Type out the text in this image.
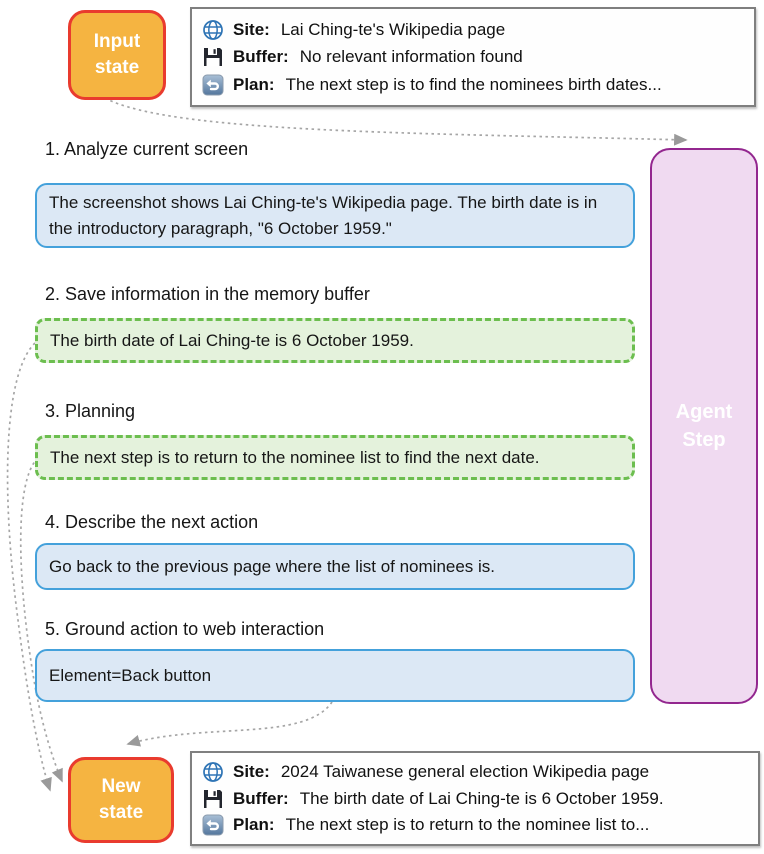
Input
state
Site: Lai Ching-te's Wikipedia page
Buffer: No relevant information found
Plan: The next step is to find the nominees birth dates...
1. Analyze current screen
The screenshot shows Lai Ching-te's Wikipedia page. The birth date is in the introductory paragraph, "6 October 1959."
2. Save information in the memory buffer
The birth date of Lai Ching-te is 6 October 1959.
3. Planning
The next step is to return to the nominee list to find the next date.
4. Describe the next action
Go back to the previous page where the list of nominees is.
5. Ground action to web interaction
Element=Back button
Agent
Step
New
state
Site: 2024 Taiwanese general election Wikipedia page
Buffer: The birth date of Lai Ching-te is 6 October 1959.
Plan: The next step is to return to the nominee list to...
